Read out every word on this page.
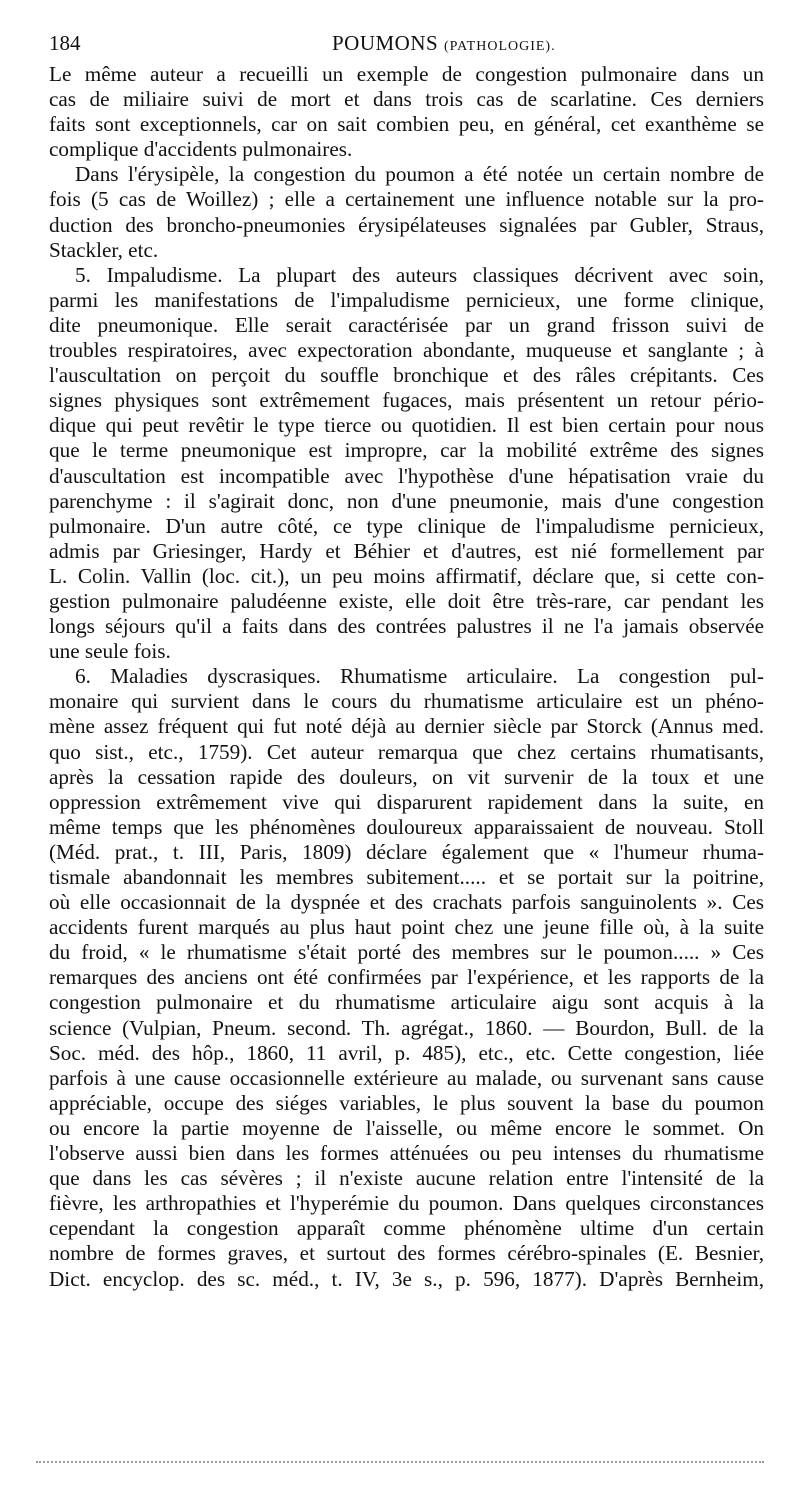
184	POUMONS (PATHOLOGIE).
Le même auteur a recueilli un exemple de congestion pulmonaire dans un
cas de miliaire suivi de mort et dans trois cas de scarlatine. Ces derniers
faits sont exceptionnels, car on sait combien peu, en général, cet exanthème se
complique d'accidents pulmonaires.
Dans l'érysipèle, la congestion du poumon a été notée un certain nombre de
fois (5 cas de Woillez) ; elle a certainement une influence notable sur la pro-
duction des broncho-pneumonies érysipélateuses signalées par Gubler, Straus,
Stackler, etc.
5. Impaludisme. La plupart des auteurs classiques décrivent avec soin,
parmi les manifestations de l'impaludisme pernicieux, une forme clinique,
dite pneumonique. Elle serait caractérisée par un grand frisson suivi de
troubles respiratoires, avec expectoration abondante, muqueuse et sanglante ; à
l'auscultation on perçoit du souffle bronchique et des râles crépitants. Ces
signes physiques sont extrêmement fugaces, mais présentent un retour pério-
dique qui peut revêtir le type tierce ou quotidien. Il est bien certain pour nous
que le terme pneumonique est impropre, car la mobilité extrême des signes
d'auscultation est incompatible avec l'hypothèse d'une hépatisation vraie du
parenchyme : il s'agirait donc, non d'une pneumonie, mais d'une congestion
pulmonaire. D'un autre côté, ce type clinique de l'impaludisme pernicieux,
admis par Griesinger, Hardy et Béhier et d'autres, est nié formellement par
L. Colin. Vallin (loc. cit.), un peu moins affirmatif, déclare que, si cette con-
gestion pulmonaire paludéenne existe, elle doit être très-rare, car pendant les
longs séjours qu'il a faits dans des contrées palustres il ne l'a jamais observée
une seule fois.
6. Maladies dyscrasiques. Rhumatisme articulaire. La congestion pul-
monaire qui survient dans le cours du rhumatisme articulaire est un phéno-
mène assez fréquent qui fut noté déjà au dernier siècle par Storck (Annus med.
quo sist., etc., 1759). Cet auteur remarqua que chez certains rhumatisants,
après la cessation rapide des douleurs, on vit survenir de la toux et une
oppression extrêmement vive qui disparurent rapidement dans la suite, en
même temps que les phénomènes douloureux apparaissaient de nouveau. Stoll
(Méd. prat., t. III, Paris, 1809) déclare également que « l'humeur rhuma-
tismale abandonnait les membres subitement..... et se portait sur la poitrine,
où elle occasionnait de la dyspnée et des crachats parfois sanguinolents ». Ces
accidents furent marqués au plus haut point chez une jeune fille où, à la suite
du froid, « le rhumatisme s'était porté des membres sur le poumon..... » Ces
remarques des anciens ont été confirmées par l'expérience, et les rapports de la
congestion pulmonaire et du rhumatisme articulaire aigu sont acquis à la
science (Vulpian, Pneum. second. Th. agrégat., 1860. — Bourdon, Bull. de la
Soc. méd. des hôp., 1860, 11 avril, p. 485), etc., etc. Cette congestion, liée
parfois à une cause occasionnelle extérieure au malade, ou survenant sans cause
appréciable, occupe des siéges variables, le plus souvent la base du poumon
ou encore la partie moyenne de l'aisselle, ou même encore le sommet. On
l'observe aussi bien dans les formes atténuées ou peu intenses du rhumatisme
que dans les cas sévères ; il n'existe aucune relation entre l'intensité de la
fièvre, les arthropathies et l'hyperémie du poumon. Dans quelques circonstances
cependant la congestion apparaît comme phénomène ultime d'un certain
nombre de formes graves, et surtout des formes cérébro-spinales (E. Besnier,
Dict. encyclop. des sc. méd., t. IV, 3e s., p. 596, 1877). D'après Bernheim,
